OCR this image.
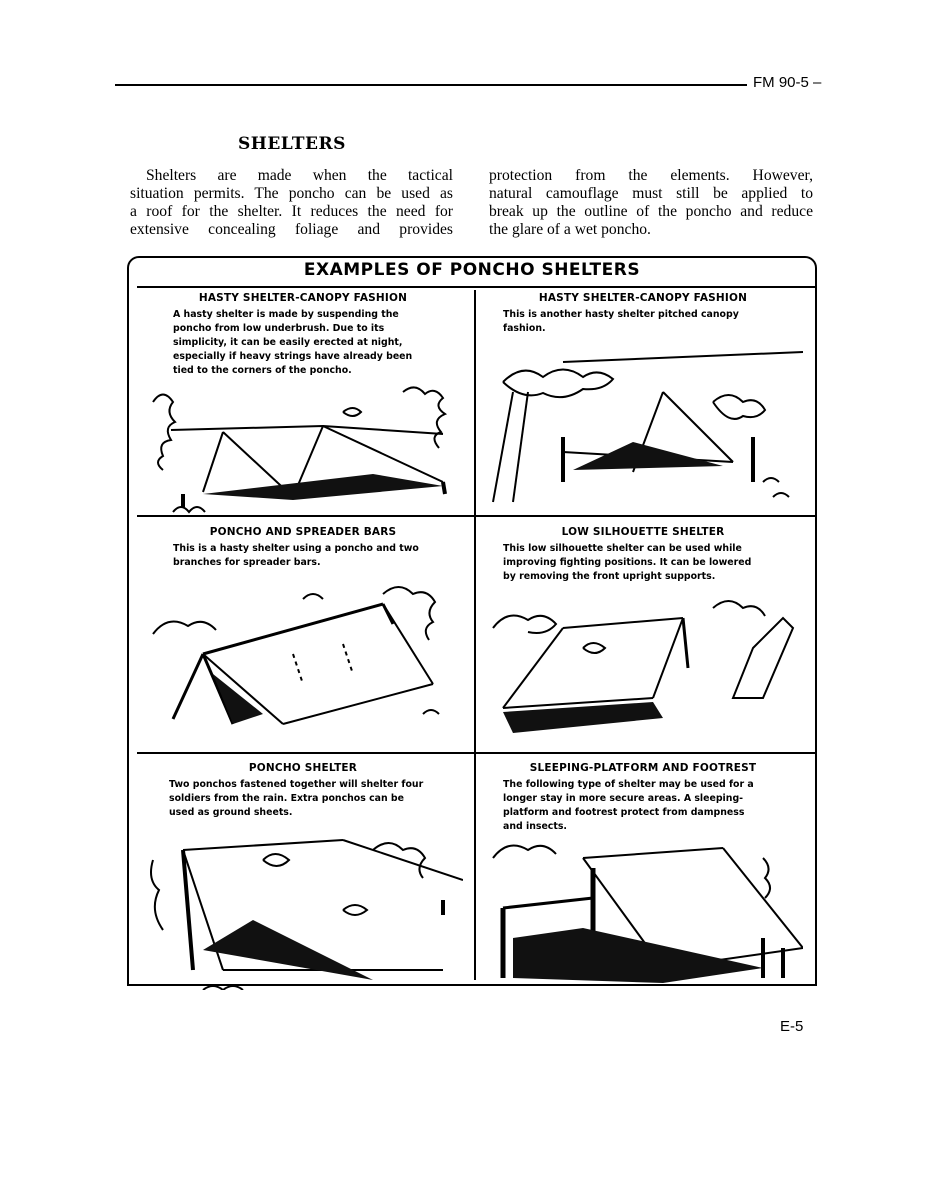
FM 90-5 –
SHELTERS
Shelters are made when the tactical
situation permits. The poncho can be used as
a roof for the shelter. It reduces the need for
extensive concealing foliage and provides
protection from the elements. However,
natural camouflage must still be applied to
break up the outline of the poncho and reduce
the glare of a wet poncho.
EXAMPLES OF PONCHO SHELTERS
HASTY SHELTER-CANOPY FASHION
A hasty shelter is made by suspending the
poncho from low underbrush. Due to its
simplicity, it can be easily erected at night,
especially if heavy strings have already been
tied to the corners of the poncho.
HASTY SHELTER-CANOPY FASHION
This is another hasty shelter pitched canopy
fashion.
PONCHO AND SPREADER BARS
This is a hasty shelter using a poncho and two
branches for spreader bars.
LOW SILHOUETTE SHELTER
This low silhouette shelter can be used while
improving fighting positions. It can be lowered
by removing the front upright supports.
PONCHO SHELTER
Two ponchos fastened together will shelter four
soldiers from the rain. Extra ponchos can be
used as ground sheets.
SLEEPING-PLATFORM AND FOOTREST
The following type of shelter may be used for a
longer stay in more secure areas. A sleeping-
platform and footrest protect from dampness
and insects.
E-5
